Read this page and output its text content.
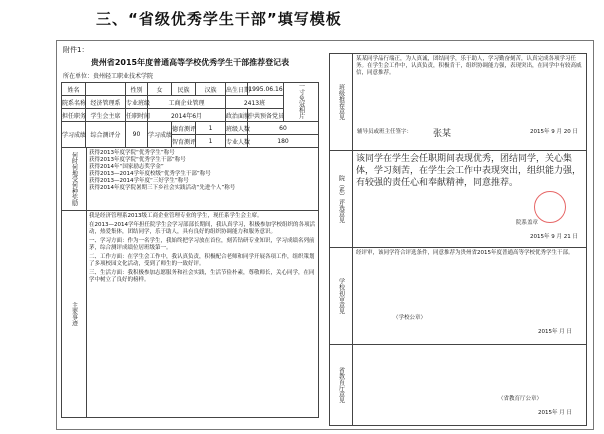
三、“省级优秀学生干部”填写模板
附件1：
贵州省2015年度普通高等学校优秀学生干部推荐登记表
所在单位：贵州轻工职业技术学院
姓名		性别	女	民族	汉族	出生日期	1995.06.16	一寸免冠相片
院系名称	经济管理系	专业班级	工商企业管理			2413班		
担任职务	学生会主席	任职时间	2014年6月			政治面貌	中共预备党员	
学习成绩	综合测评分	90	学习成绩	德育测评	1	班级人数	60	
				智育测评	1	专业人数	180	
何时何地受何种奖励	获得2013年度学院“优秀学生”称号
获得2013年度学院“优秀学生干部”称号
获得2014年“国家励志奖学金”
获得2013—2014学年度校级“优秀学生干部”称号
获得2013—2014学年度“三好学生”称号
获得2014年度学院暑期三下乡社会实践活动“先进个人”称号
主要事迹

我是经济管理系2013级工商企业管理专业的学生，现任系学生会主席。

在2013—2014学年担任院学生会学习部部长期间，我认真学习，积极参加学校组织的各项活动，热爱集体，团结同学，乐于助人，具有良好的组织协调能力和服务意识。

一、学习方面：作为一名学生，我始终把学习放在首位，刻苦钻研专业知识，学习成绩名列前茅，综合测评成绩位居班级第一。

二、工作方面：在学生会工作中，我认真负责，积极配合老师和同学开展各项工作，组织策划了多项校园文化活动，受到了师生的一致好评。

三、生活方面：我积极参加志愿服务和社会实践，生活节俭朴素，尊敬师长，关心同学，在同学中树立了良好的榜样。

班级推荐意见
某某同学品行端正，为人真诚，团结同学，乐于助人，学习勤奋刻苦，认真完成各项学习任务。在学生会工作中，认真负责，积极肯干，组织协调能力强，表现突出，在同学中有较高威信，同意推荐。
辅导员或班主任签字： 张某	2015年 9 月 20 日
院（系）评选意见
该同学在学生会任职期间表现优秀，团结同学，关心集体，学习刻苦，在学生会工作中表现突出，组织能力强，有较强的责任心和奉献精神，同意推荐。
院系盖章
2015年 9 月 21 日
学校初审意见
经评审，该同学符合评选条件，同意推荐为贵州省2015年度普通高等学校优秀学生干部。
（学校公章）
2015年 月 日
省教育厅意见	（省教育厅公章）
2015年 月 日
